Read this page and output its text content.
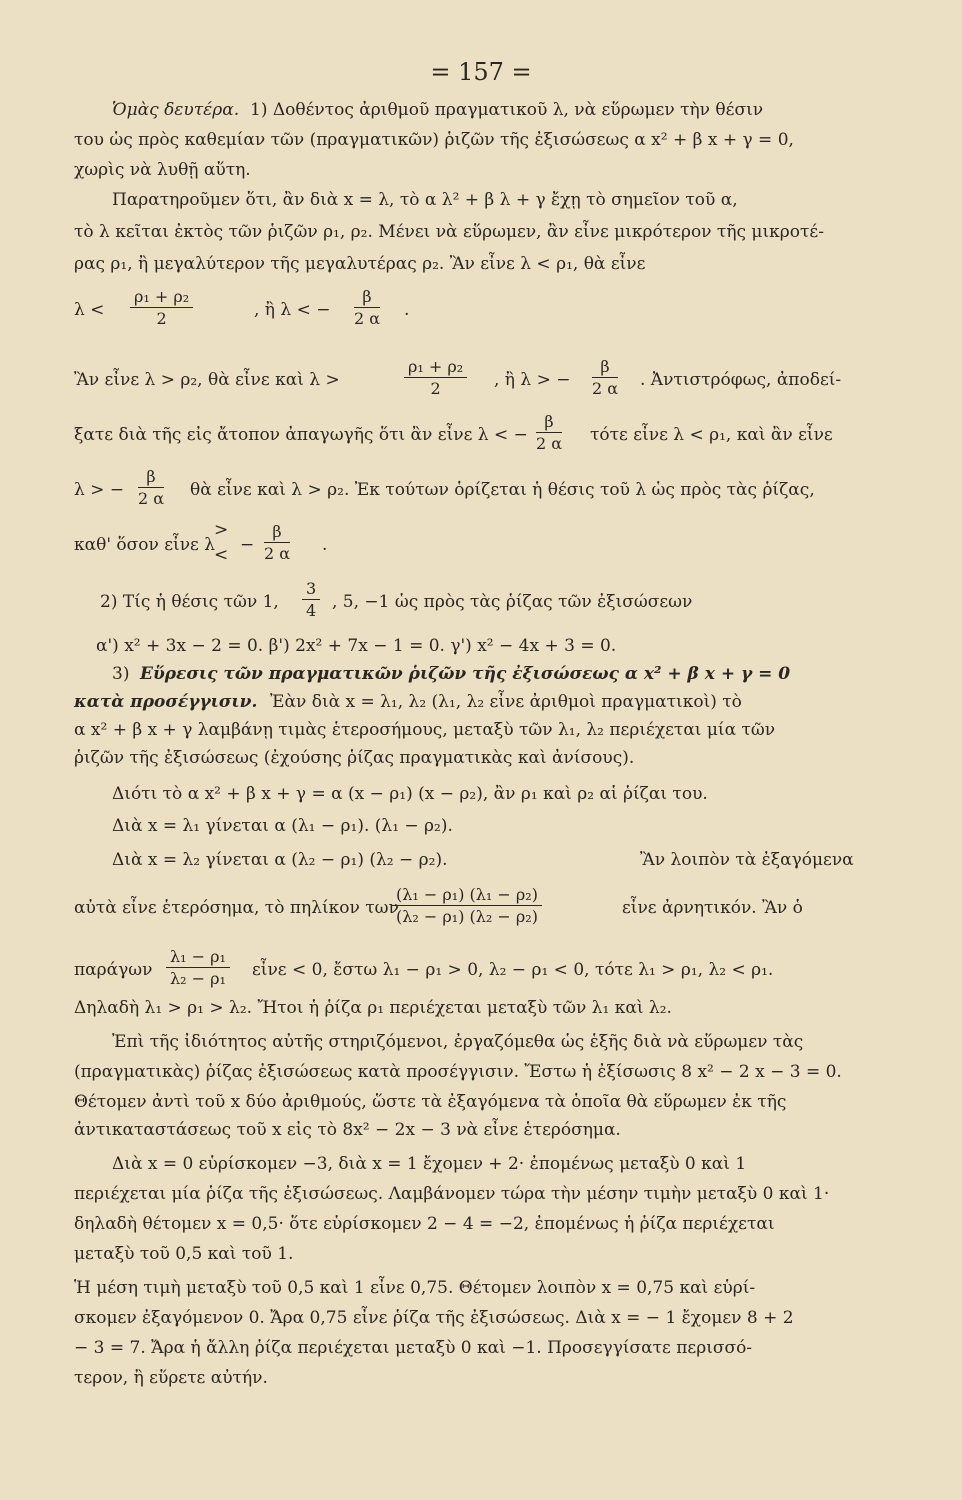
= 157 =
Ὁμὰς δευτέρα. 1) Δοθέντος ἀριθμοῦ πραγματικοῦ λ, νὰ εὕρωμεν τὴν θέσιν
του ὡς πρὸς καθεμίαν τῶν (πραγματικῶν) ῥιζῶν τῆς ἐξισώσεως α x² + β x + γ = 0,
χωρὶς νὰ λυθῇ αὕτη.
Παρατηροῦμεν ὅτι, ἂν διὰ x = λ, τὸ α λ² + β λ + γ ἔχῃ τὸ σημεῖον τοῦ α,
τὸ λ κεῖται ἐκτὸς τῶν ῥιζῶν ρ₁, ρ₂. Μένει νὰ εὕρωμεν, ἂν εἶνε μικρότερον τῆς μικροτέ-
ρας ρ₁, ἢ μεγαλύτερον τῆς μεγαλυτέρας ρ₂. Ἂν εἶνε λ < ρ₁, θὰ εἶνε
$\lambda < \frac{\text{ρ₁ + ρ₂}}{2}$	, ἢ λ < − $\frac{\beta}{2 \alpha}$ .
Ἂν εἶνε λ > ρ₂, θὰ εἶνε καὶ λ >	$\frac{\text{ρ₁ + ρ₂}}{2}$ , ἢ λ > − $\frac{\beta}{2 \alpha}$ . Ἀντιστρόφως, ἀποδεί-
ξατε διὰ τῆς εἰς ἄτοπον ἀπαγωγῆς ὅτι ἂν εἶνε λ < − $\frac{\beta}{2 \alpha}$ τότε εἶνε λ < ρ₁, καὶ ἂν εἶνε
λ > − $\frac{\beta}{2 \alpha}$ θὰ εἶνε καὶ λ > ρ₂. Ἐκ τούτων ὁρίζεται ἡ θέσις τοῦ λ ὡς πρὸς τὰς ῥίζας,
καθ' ὅσον εἶνε λ
>
< − $\frac{\beta}{2 \alpha}$ .
2) Τίς ἡ θέσις τῶν 1, $\frac{3}{4}$ , 5, −1 ὡς πρὸς τὰς ῥίζας τῶν ἐξισώσεων
α') x² + 3x − 2 = 0. β') 2x² + 7x − 1 = 0. γ') x² − 4x + 3 = 0.
3) Εὕρεσις τῶν πραγματικῶν ῥιζῶν τῆς ἐξισώσεως α x² + β x + γ = 0
κατὰ προσέγγισιν. Ἐὰν διὰ x = λ₁, λ₂ (λ₁, λ₂ εἶνε ἀριθμοὶ πραγματικοὶ) τὸ
α x² + β x + γ λαμβάνῃ τιμὰς ἑτεροσήμους, μεταξὺ τῶν λ₁, λ₂ περιέχεται μία τῶν
ῥιζῶν τῆς ἐξισώσεως (ἐχούσης ῥίζας πραγματικὰς καὶ ἀνίσους).
Διότι τὸ α x² + β x + γ = α (x − ρ₁) (x − ρ₂), ἂν ρ₁ καὶ ρ₂ αἱ ῥίζαι του.
Διὰ x = λ₁ γίνεται α (λ₁ − ρ₁). (λ₁ − ρ₂).
Διὰ x = λ₂ γίνεται α (λ₂ − ρ₁) (λ₂ − ρ₂).	Ἂν λοιπὸν τὰ ἐξαγόμενα
αὐτὰ εἶνε ἑτερόσημα, τὸ πηλίκον των
$\frac{\text{(λ₁ − ρ₁) (λ₁ − ρ₂)}}{\text{(λ₂ − ρ₁) (λ₂ − ρ₂)}}$	εἶνε ἀρνητικόν. Ἂν ὁ
παράγων $\frac{\text{λ₁ − ρ₁}}{\text{λ₂ − ρ₁}}$ εἶνε < 0, ἔστω λ₁ − ρ₁ > 0, λ₂ − ρ₁ < 0, τότε λ₁ > ρ₁, λ₂ < ρ₁.
Δηλαδὴ λ₁ > ρ₁ > λ₂. Ἤτοι ἡ ῥίζα ρ₁ περιέχεται μεταξὺ τῶν λ₁ καὶ λ₂.
Ἐπὶ τῆς ἰδιότητος αὐτῆς στηριζόμενοι, ἐργαζόμεθα ὡς ἑξῆς διὰ νὰ εὕρωμεν τὰς
(πραγματικὰς) ῥίζας ἐξισώσεως κατὰ προσέγγισιν. Ἔστω ἡ ἐξίσωσις 8 x² − 2 x − 3 = 0.
Θέτομεν ἀντὶ τοῦ x δύο ἀριθμούς, ὥστε τὰ ἐξαγόμενα τὰ ὁποῖα θὰ εὕρωμεν ἐκ τῆς
ἀντικαταστάσεως τοῦ x εἰς τὸ 8x² − 2x − 3 νὰ εἶνε ἑτερόσημα.
Διὰ x = 0 εὑρίσκομεν −3, διὰ x = 1 ἔχομεν + 2· ἐπομένως μεταξὺ 0 καὶ 1
περιέχεται μία ῥίζα τῆς ἐξισώσεως. Λαμβάνομεν τώρα τὴν μέσην τιμὴν μεταξὺ 0 καὶ 1·
δηλαδὴ θέτομεν x = 0,5· ὅτε εὑρίσκομεν 2 − 4 = −2, ἐπομένως ἡ ῥίζα περιέχεται
μεταξὺ τοῦ 0,5 καὶ τοῦ 1.
Ἡ μέση τιμὴ μεταξὺ τοῦ 0,5 καὶ 1 εἶνε 0,75. Θέτομεν λοιπὸν x = 0,75 καὶ εὑρί-
σκομεν ἐξαγόμενον 0. Ἄρα 0,75 εἶνε ῥίζα τῆς ἐξισώσεως. Διὰ x = − 1 ἔχομεν 8 + 2
− 3 = 7. Ἄρα ἡ ἄλλη ῥίζα περιέχεται μεταξὺ 0 καὶ −1. Προσεγγίσατε περισσό-
τερον, ἢ εὕρετε αὐτήν.
